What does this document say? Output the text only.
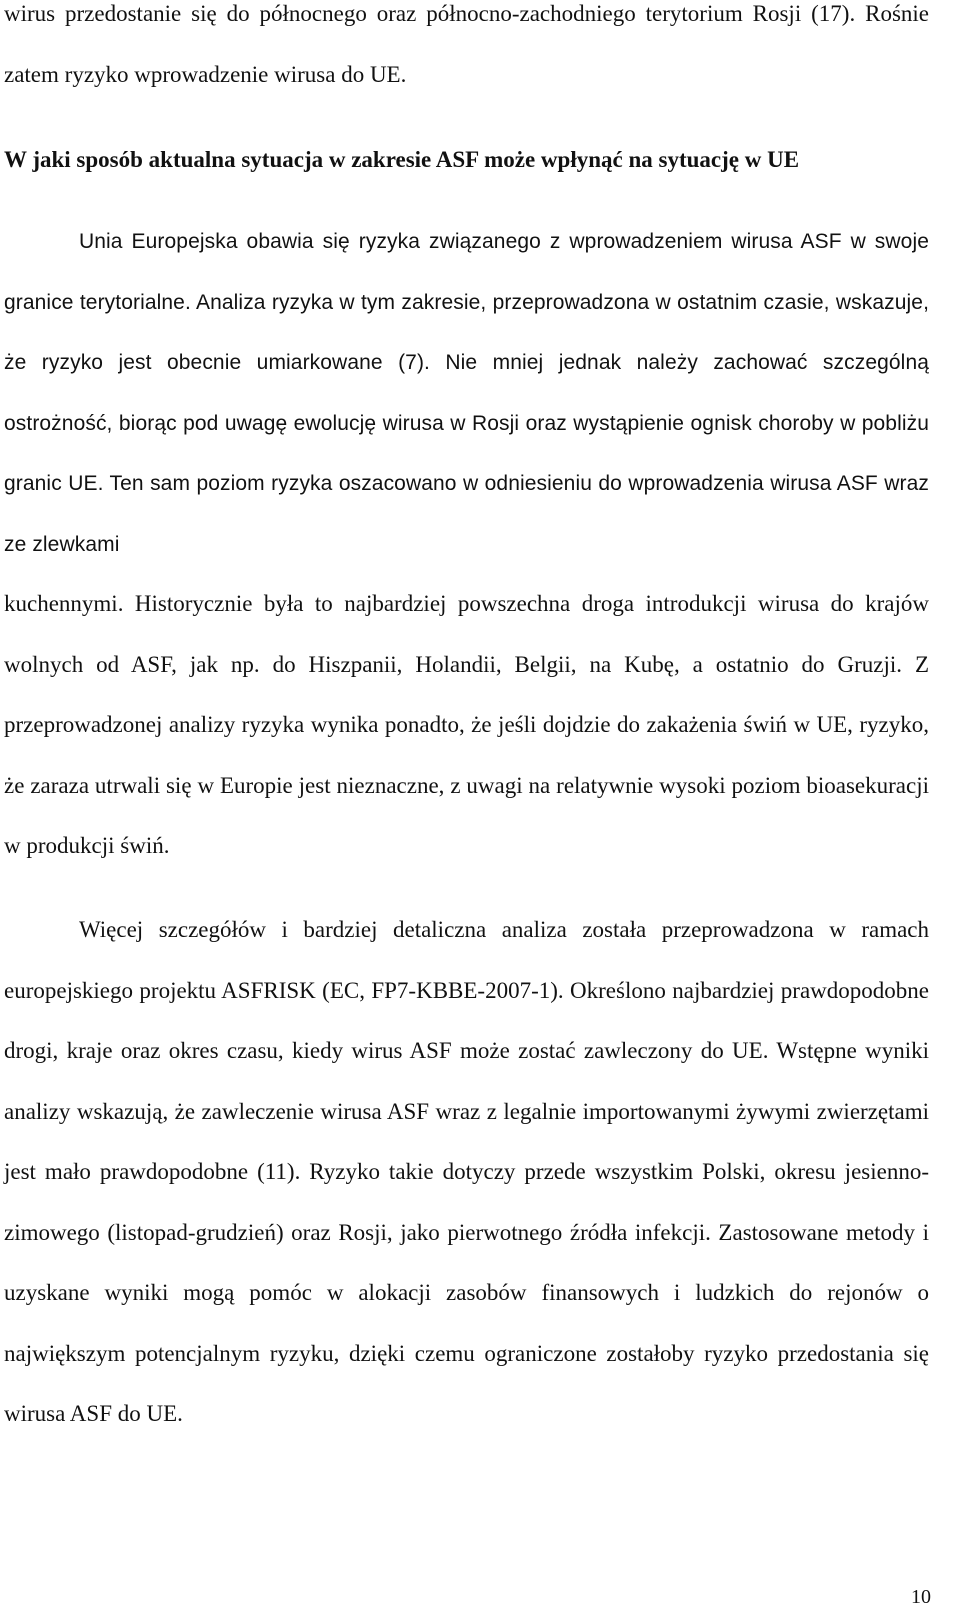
wirus przedostanie się do północnego oraz północno-zachodniego terytorium Rosji (17). Rośnie zatem ryzyko wprowadzenie wirusa do UE.

W jaki sposób aktualna sytuacja w zakresie ASF może wpłynąć na sytuację w UE

Unia Europejska obawia się ryzyka związanego z wprowadzeniem wirusa ASF w swoje granice terytorialne. Analiza ryzyka w tym zakresie, przeprowadzona w ostatnim czasie, wskazuje, że ryzyko jest obecnie umiarkowane (7). Nie mniej jednak należy zachować szczególną ostrożność, biorąc pod uwagę ewolucję wirusa w Rosji oraz wystąpienie ognisk choroby w pobliżu granic UE. Ten sam poziom ryzyka oszacowano w odniesieniu do wprowadzenia wirusa ASF wraz ze zlewkami

kuchennymi. Historycznie była to najbardziej powszechna droga introdukcji wirusa do krajów wolnych od ASF, jak np. do Hiszpanii, Holandii, Belgii, na Kubę, a ostatnio do Gruzji. Z przeprowadzonej analizy ryzyka wynika ponadto, że jeśli dojdzie do zakażenia świń w UE, ryzyko, że zaraza utrwali się w Europie jest nieznaczne, z uwagi na relatywnie wysoki poziom bioasekuracji w produkcji świń.

Więcej szczegółów i bardziej detaliczna analiza została przeprowadzona w ramach europejskiego projektu ASFRISK (EC, FP7-KBBE-2007-1). Określono najbardziej prawdopodobne drogi, kraje oraz okres czasu, kiedy wirus ASF może zostać zawleczony do UE. Wstępne wyniki analizy wskazują, że zawleczenie wirusa ASF wraz z legalnie importowanymi żywymi zwierzętami jest mało prawdopodobne (11). Ryzyko takie dotyczy przede wszystkim Polski, okresu jesienno-zimowego (listopad-grudzień) oraz Rosji, jako pierwotnego źródła infekcji. Zastosowane metody i uzyskane wyniki mogą pomóc w alokacji zasobów finansowych i ludzkich do rejonów o największym potencjalnym ryzyku, dzięki czemu ograniczone zostałoby ryzyko przedostania się wirusa ASF do UE.

10
